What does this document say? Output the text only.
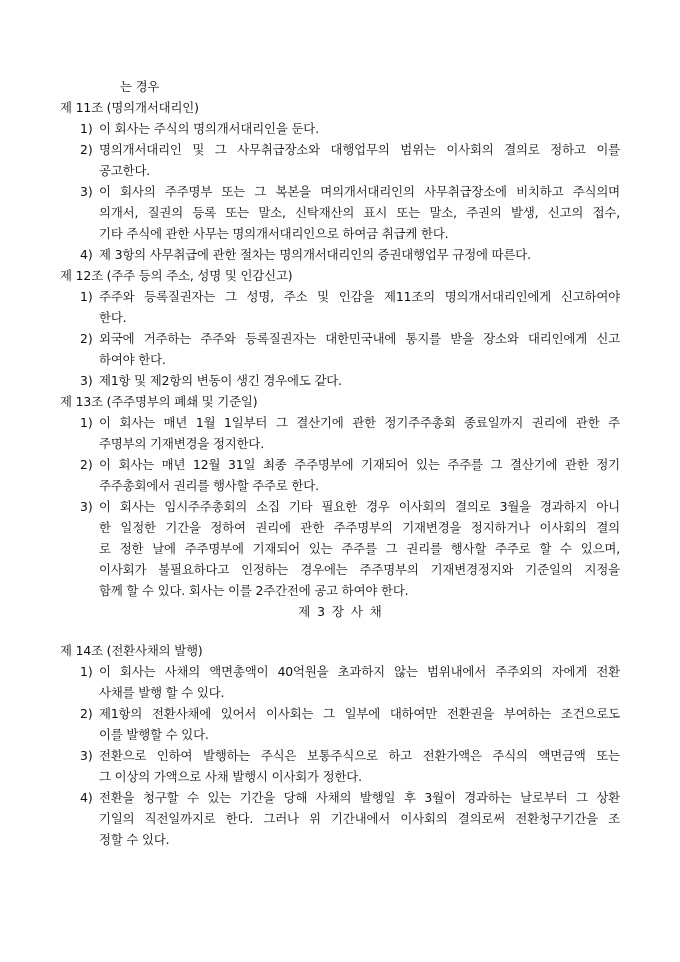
는 경우
제 11조 (명의개서대리인)
1) 이 회사는 주식의 명의개서대리인을 둔다.
2) 명의개서대리인 및 그 사무취급장소와 대행업무의 범위는 이사회의 결의로 정하고 이를
공고한다.
3) 이 회사의 주주명부 또는 그 복본을 며의개서대리인의 사무취급장소에 비치하고 주식의며
의개서, 질권의 등록 또는 말소, 신탁재산의 표시 또는 말소, 주권의 발생, 신고의 접수,
기타 주식에 관한 사무는 명의개서대리인으로 하여금 취급케 한다.
4) 제 3항의 사무취급에 관한 절차는 명의개서대리인의 증권대행업무 규정에 따른다.
제 12조 (주주 등의 주소, 성명 및 인감신고)
1) 주주와 등록질권자는 그 성명, 주소 및 인감을 제11조의 명의개서대리인에게 신고하여야
한다.
2) 외국에 거주하는 주주와 등록질권자는 대한민국내에 통지를 받을 장소와 대리인에게 신고
하여야 한다.
3) 제1항 및 제2항의 변동이 생긴 경우에도 같다.
제 13조 (주주명부의 폐쇄 및 기준일)
1) 이 회사는 매년 1월 1일부터 그 결산기에 관한 정기주주총회 종료일까지 권리에 관한 주
주명부의 기재변경을 정지한다.
2) 이 회사는 매년 12월 31일 최종 주주명부에 기재되어 있는 주주를 그 결산기에 관한 정기
주주총회에서 권리를 행사할 주주로 한다.
3) 이 회사는 임시주주총회의 소집 기타 필요한 경우 이사회의 결의로 3월을 경과하지 아니
한 일정한 기간을 정하여 권리에 관한 주주명부의 기재변경을 정지하거나 이사회의 결의
로 정한 날에 주주명부에 기재되어 있는 주주를 그 권리를 행사할 주주로 할 수 있으며,
이사회가 불필요하다고 인정하는 경우에는 주주명부의 기재변경정지와 기준일의 지정을
함께 할 수 있다. 회사는 이를 2주간전에 공고 하여야 한다.
제 3 장 사 채
제 14조 (전환사채의 발행)
1) 이 회사는 사채의 액면총액이 40억원을 초과하지 않는 범위내에서 주주외의 자에게 전환
사채를 발행 할 수 있다.
2) 제1항의 전환사채에 있어서 이사회는 그 일부에 대하여만 전환권을 부여하는 조건으로도
이를 발행할 수 있다.
3) 전환으로 인하여 발행하는 주식은 보통주식으로 하고 전환가액은 주식의 액면금액 또는
그 이상의 가액으로 사채 발행시 이사회가 정한다.
4) 전환을 청구할 수 있는 기간을 당해 사채의 발행일 후 3월이 경과하는 날로부터 그 상환
기일의 직전일까지로 한다. 그러나 위 기간내에서 이사회의 결의로써 전환청구기간을 조
정할 수 있다.
